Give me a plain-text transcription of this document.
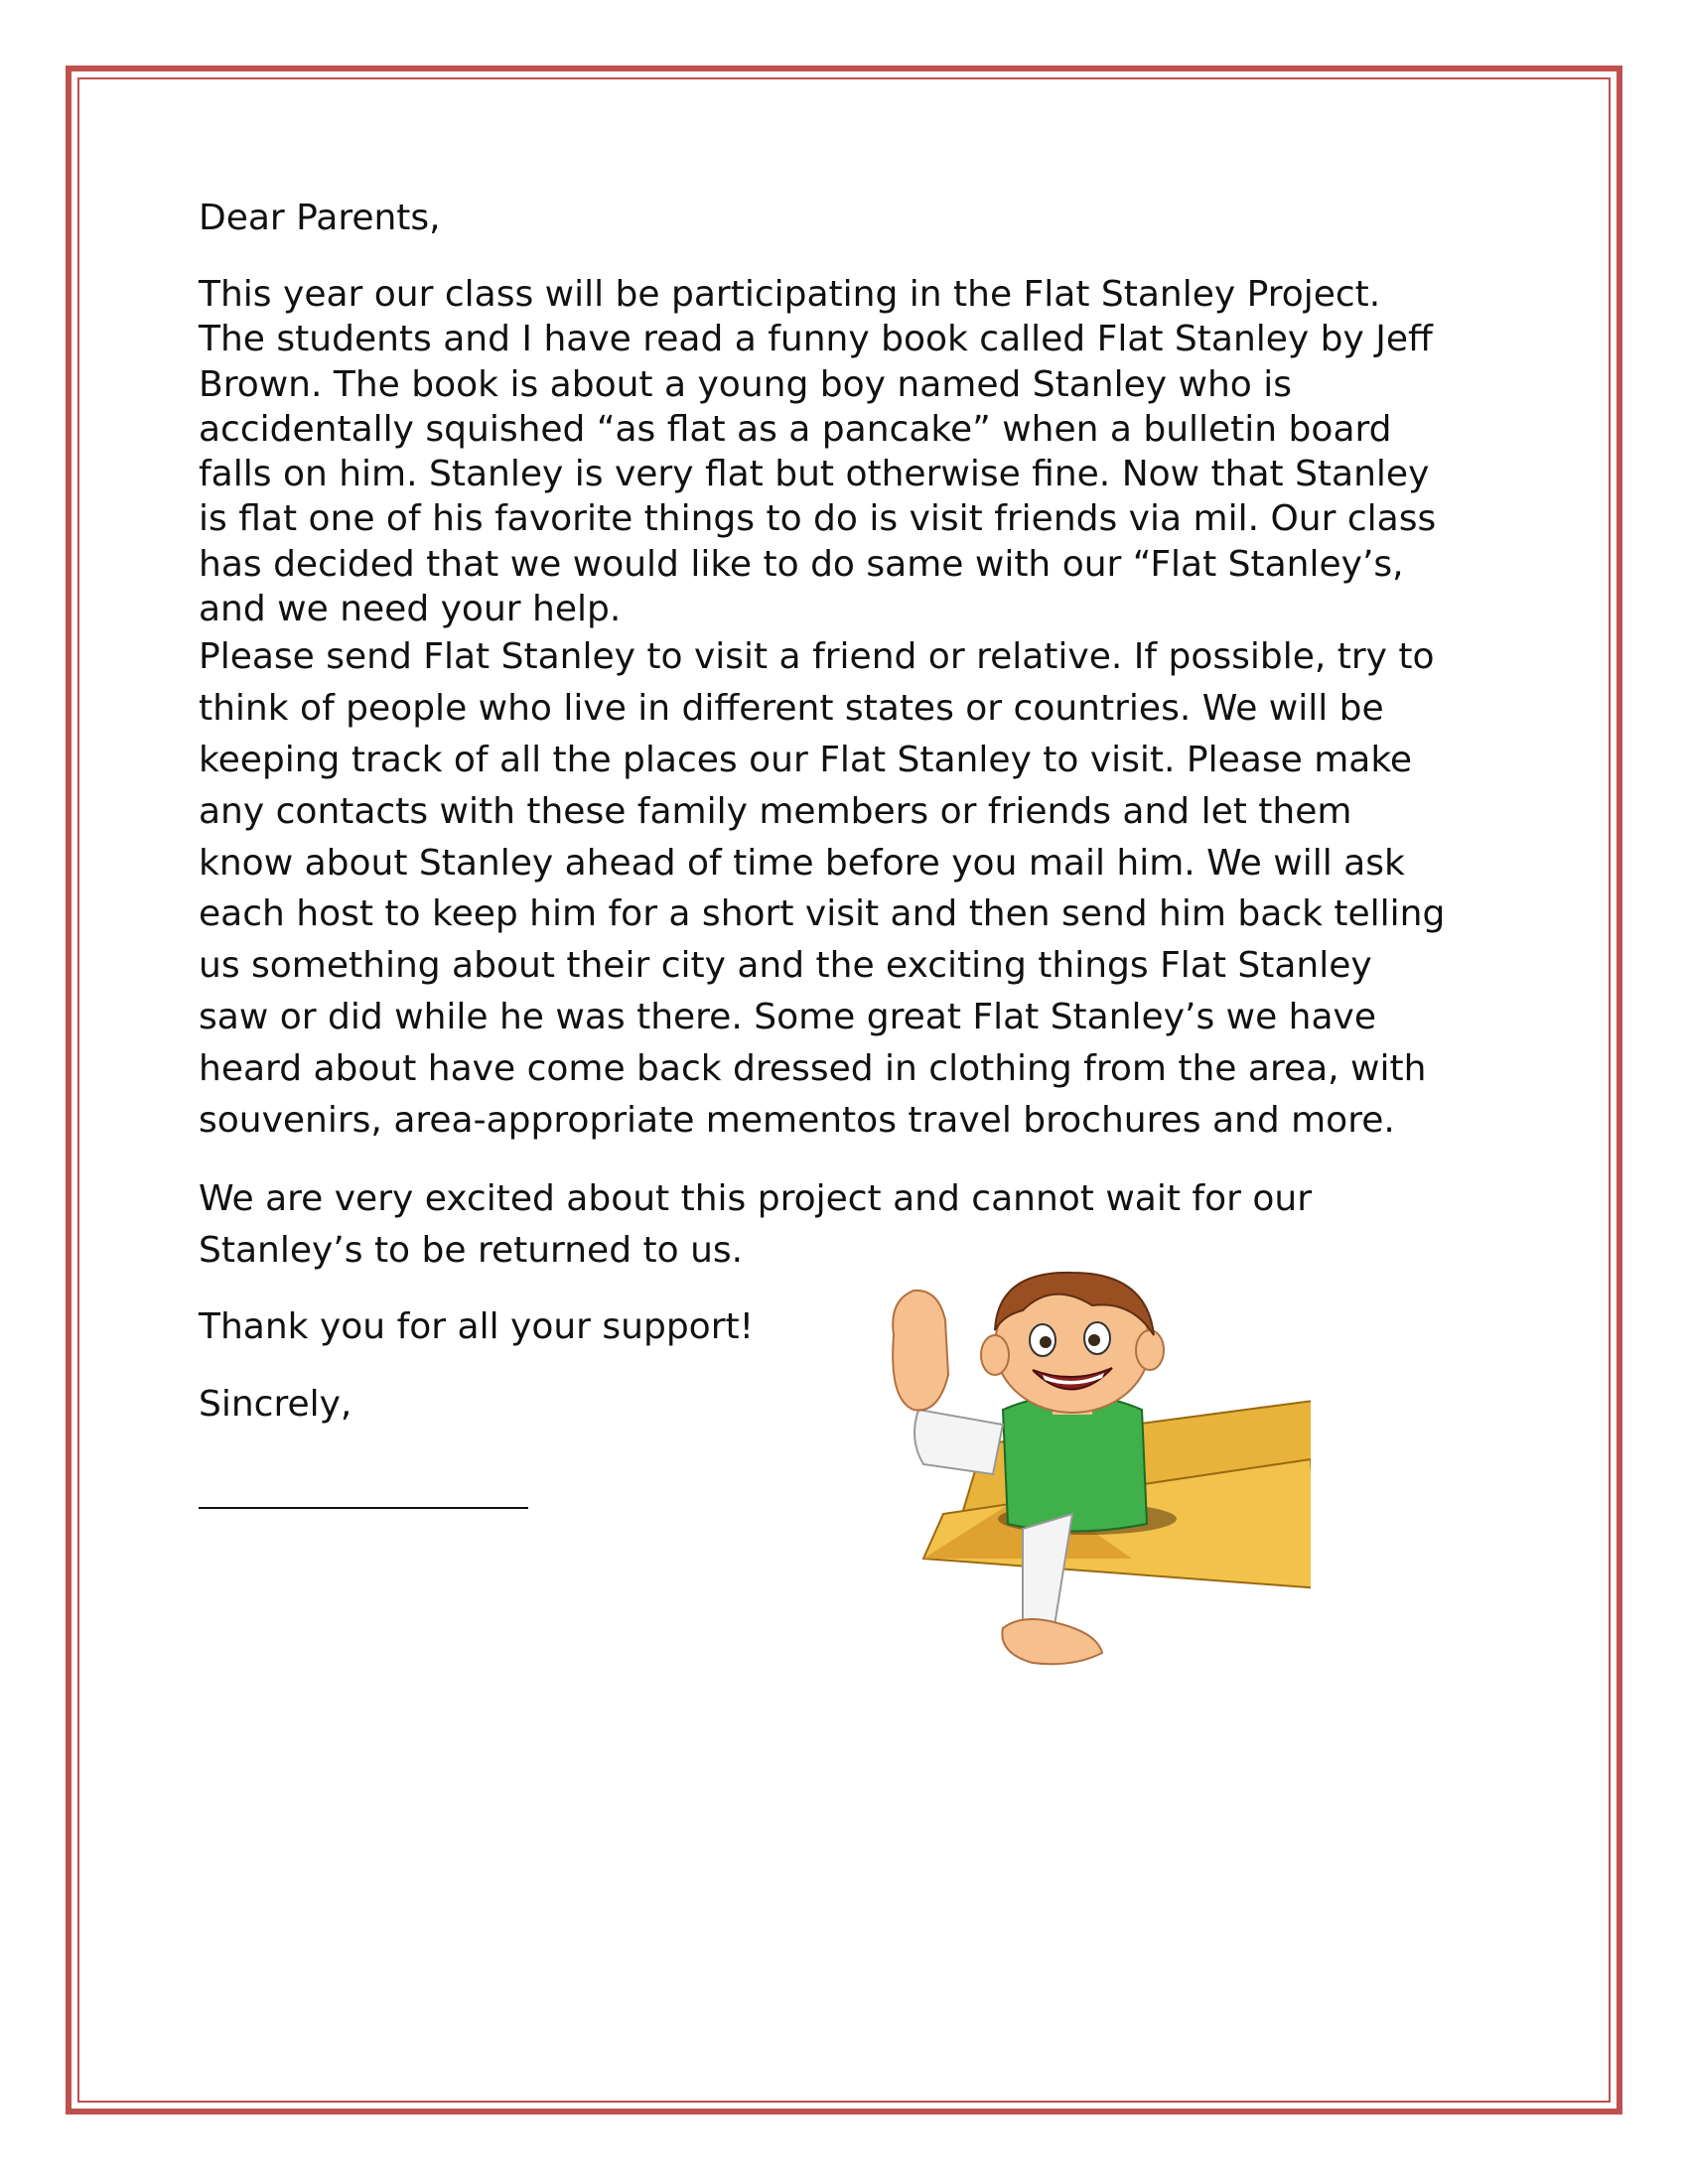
Dear Parents,

This year our class will be participating in the Flat Stanley Project.
The students and I have read a funny book called Flat Stanley by Jeff
Brown. The book is about a young boy named Stanley who is
accidentally squished “as flat as a pancake” when a bulletin board
falls on him. Stanley is very flat but otherwise fine. Now that Stanley
is flat one of his favorite things to do is visit friends via mil. Our class
has decided that we would like to do same with our “Flat Stanley’s,
and we need your help.
Please send Flat Stanley to visit a friend or relative. If possible, try to
think of people who live in different states or countries. We will be
keeping track of all the places our Flat Stanley to visit. Please make
any contacts with these family members or friends and let them
know about Stanley ahead of time before you mail him. We will ask
each host to keep him for a short visit and then send him back telling
us something about their city and the exciting things Flat Stanley
saw or did while he was there. Some great Flat Stanley’s we have
heard about have come back dressed in clothing from the area, with
souvenirs, area-appropriate mementos travel brochures and more.
We are very excited about this project and cannot wait for our
Stanley’s to be returned to us.

Thank you for all your support!

Sincrely,
